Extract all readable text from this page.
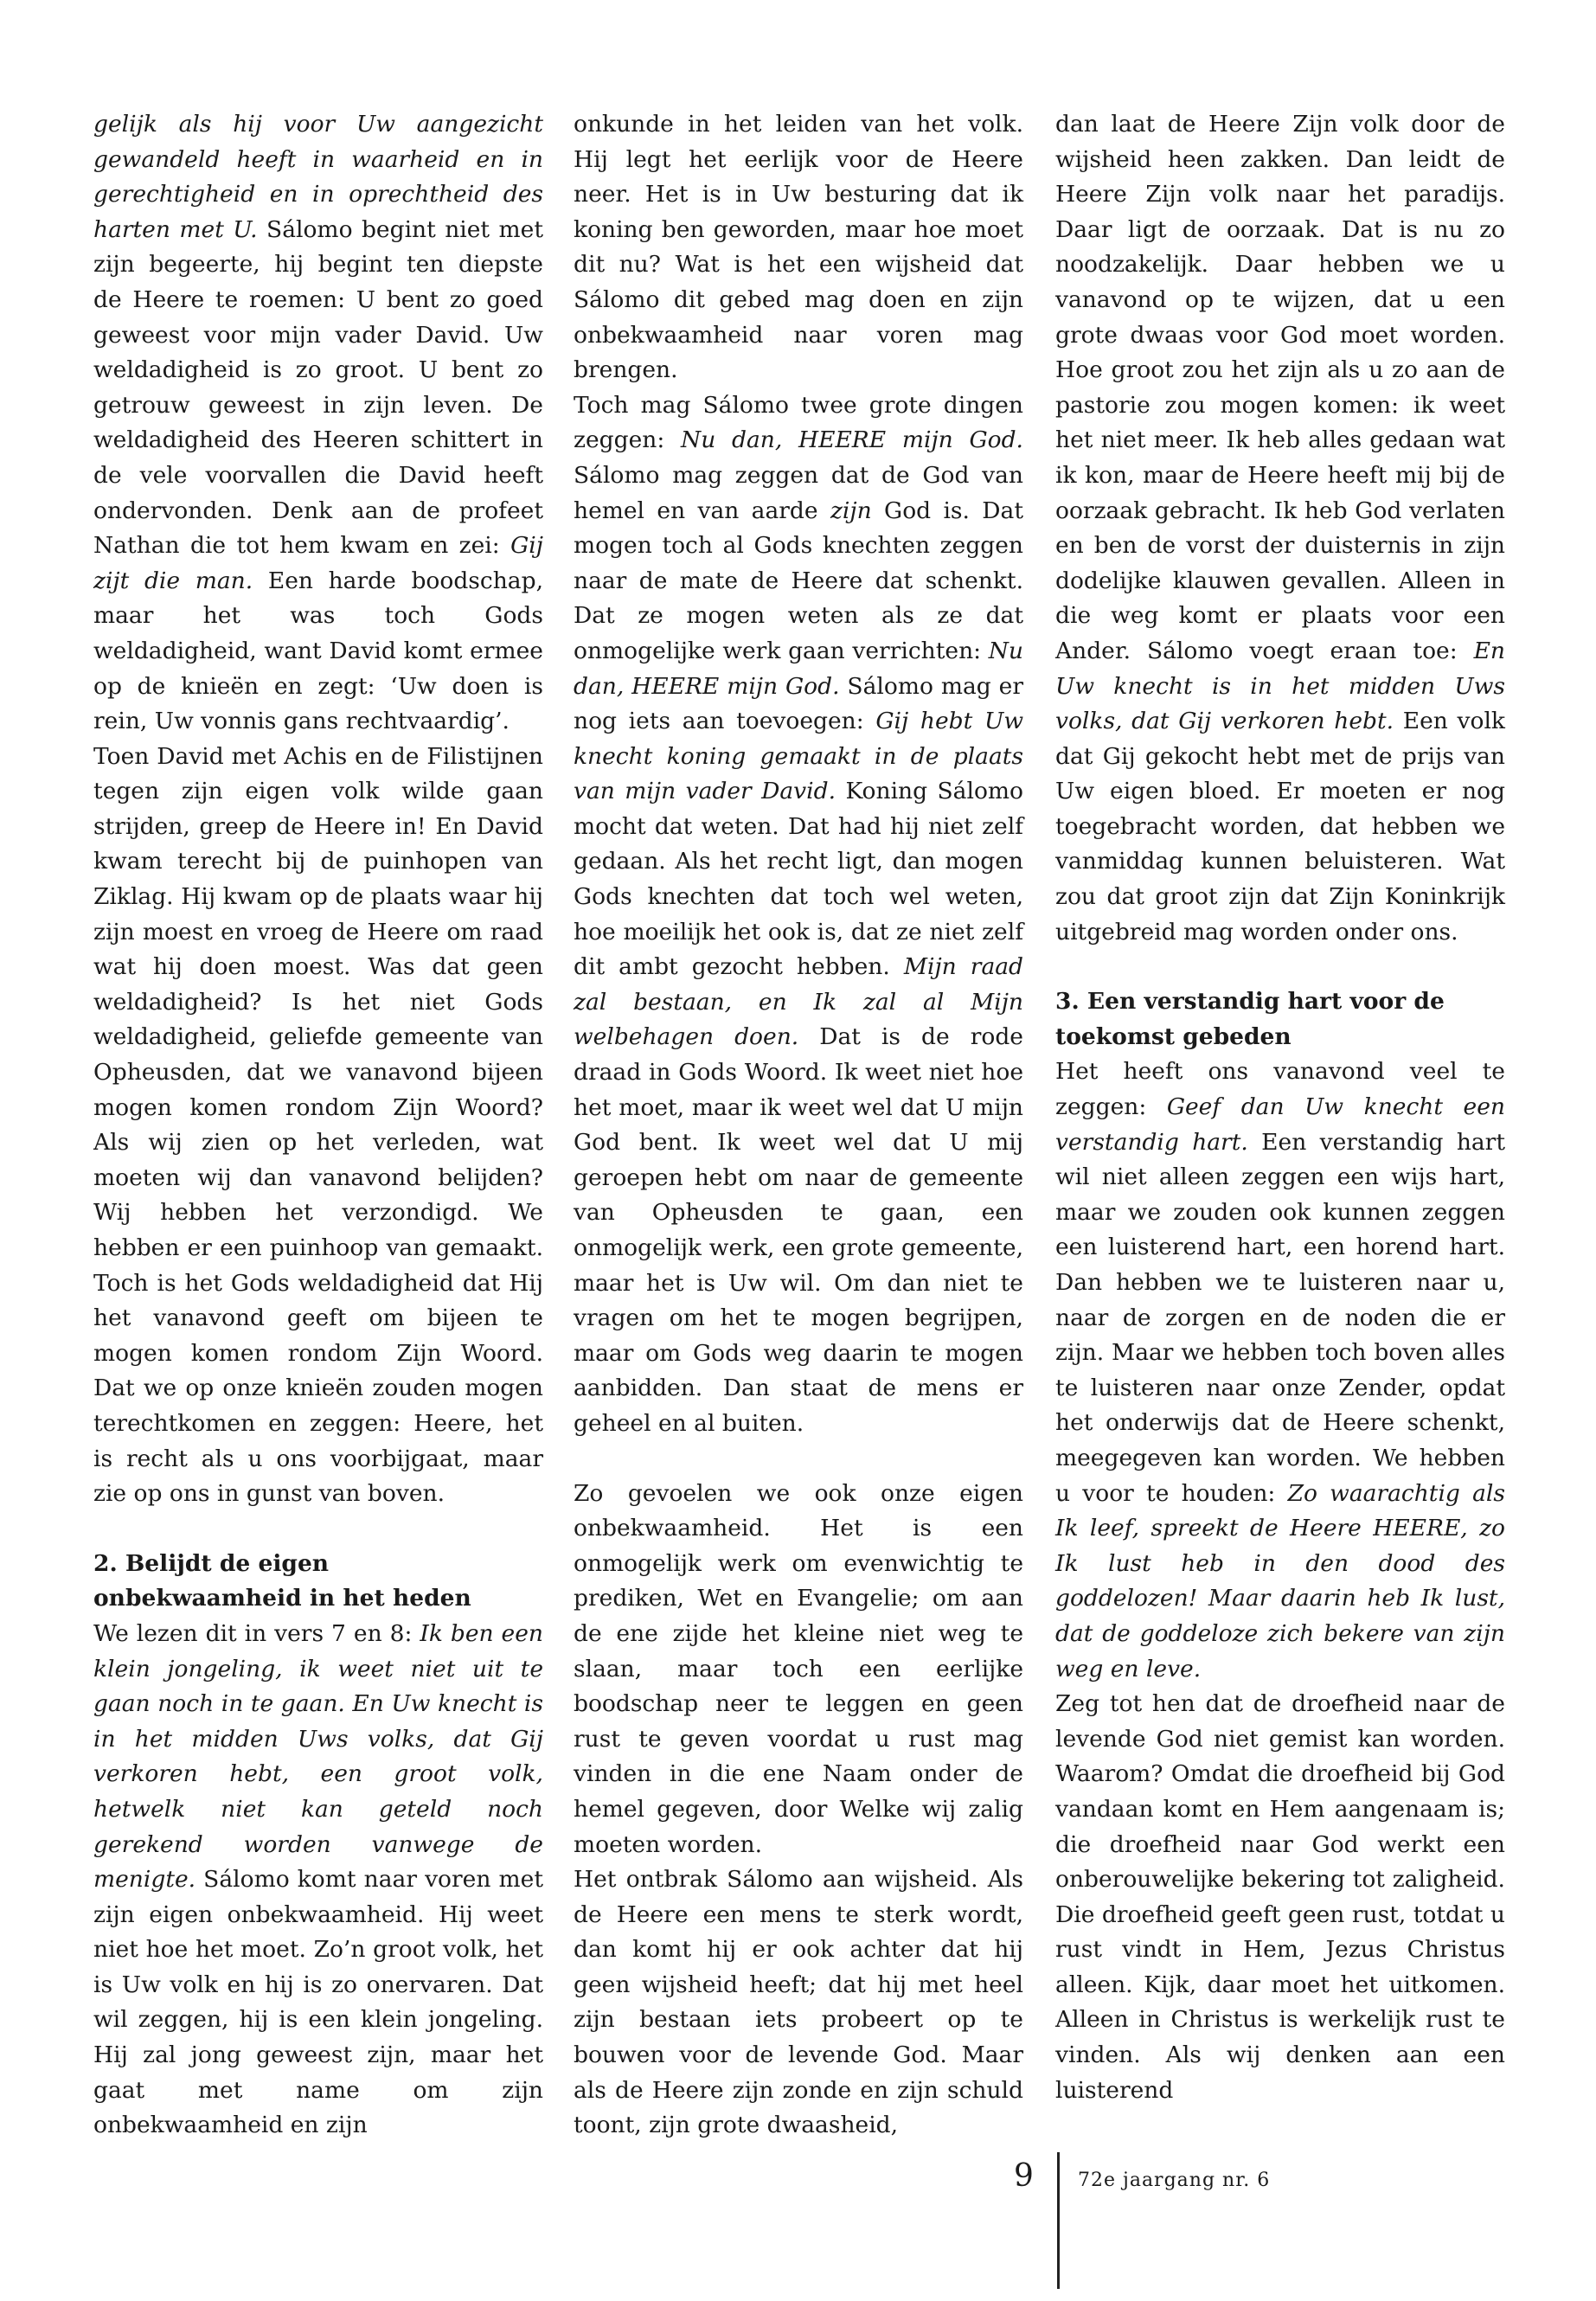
gelijk als hij voor Uw aangezicht gewandeld heeft in waarheid en in gerechtigheid en in oprechtheid des harten met U. Sálomo begint niet met zijn begeerte, hij begint ten diepste de Heere te roemen: U bent zo goed geweest voor mijn vader David. Uw weldadigheid is zo groot. U bent zo getrouw geweest in zijn leven. De weldadigheid des Heeren schittert in de vele voorvallen die David heeft ondervonden. Denk aan de profeet Nathan die tot hem kwam en zei: Gij zijt die man. Een harde boodschap, maar het was toch Gods weldadigheid, want David komt ermee op de knieën en zegt: ‘Uw doen is rein, Uw vonnis gans rechtvaardig’.

Toen David met Achis en de Filistijnen tegen zijn eigen volk wilde gaan strijden, greep de Heere in! En David kwam terecht bij de puinhopen van Ziklag. Hij kwam op de plaats waar hij zijn moest en vroeg de Heere om raad wat hij doen moest. Was dat geen weldadigheid? Is het niet Gods weldadigheid, geliefde gemeente van Opheusden, dat we vanavond bijeen mogen komen rondom Zijn Woord? Als wij zien op het verleden, wat moeten wij dan vanavond belijden? Wij hebben het verzondigd. We hebben er een puinhoop van gemaakt. Toch is het Gods weldadigheid dat Hij het vanavond geeft om bijeen te mogen komen rondom Zijn Woord. Dat we op onze knieën zouden mogen terechtkomen en zeggen: Heere, het is recht als u ons voorbijgaat, maar zie op ons in gunst van boven.

2. Belijdt de eigen onbekwaamheid in het heden

We lezen dit in vers 7 en 8: Ik ben een klein jongeling, ik weet niet uit te gaan noch in te gaan. En Uw knecht is in het midden Uws volks, dat Gij verkoren hebt, een groot volk, hetwelk niet kan geteld noch gerekend worden vanwege de menigte. Sálomo komt naar voren met zijn eigen onbekwaamheid. Hij weet niet hoe het moet. Zo’n groot volk, het is Uw volk en hij is zo onervaren. Dat wil zeggen, hij is een klein jongeling. Hij zal jong geweest zijn, maar het gaat met name om zijn onbekwaamheid en zijn

onkunde in het leiden van het volk. Hij legt het eerlijk voor de Heere neer. Het is in Uw besturing dat ik koning ben geworden, maar hoe moet dit nu? Wat is het een wijsheid dat Sálomo dit gebed mag doen en zijn onbekwaamheid naar voren mag brengen.

Toch mag Sálomo twee grote dingen zeggen: Nu dan, HEERE mijn God. Sálomo mag zeggen dat de God van hemel en van aarde zijn God is. Dat mogen toch al Gods knechten zeggen naar de mate de Heere dat schenkt. Dat ze mogen weten als ze dat onmogelijke werk gaan verrichten: Nu dan, HEERE mijn God. Sálomo mag er nog iets aan toevoegen: Gij hebt Uw knecht koning gemaakt in de plaats van mijn vader David. Koning Sálomo mocht dat weten. Dat had hij niet zelf gedaan. Als het recht ligt, dan mogen Gods knechten dat toch wel weten, hoe moeilijk het ook is, dat ze niet zelf dit ambt gezocht hebben. Mijn raad zal bestaan, en Ik zal al Mijn welbehagen doen. Dat is de rode draad in Gods Woord. Ik weet niet hoe het moet, maar ik weet wel dat U mijn God bent. Ik weet wel dat U mij geroepen hebt om naar de gemeente van Opheusden te gaan, een onmogelijk werk, een grote gemeente, maar het is Uw wil. Om dan niet te vragen om het te mogen begrijpen, maar om Gods weg daarin te mogen aanbidden. Dan staat de mens er geheel en al buiten.

Zo gevoelen we ook onze eigen onbekwaamheid. Het is een onmogelijk werk om evenwichtig te prediken, Wet en Evangelie; om aan de ene zijde het kleine niet weg te slaan, maar toch een eerlijke boodschap neer te leggen en geen rust te geven voordat u rust mag vinden in die ene Naam onder de hemel gegeven, door Welke wij zalig moeten worden.

Het ontbrak Sálomo aan wijsheid. Als de Heere een mens te sterk wordt, dan komt hij er ook achter dat hij geen wijsheid heeft; dat hij met heel zijn bestaan iets probeert op te bouwen voor de levende God. Maar als de Heere zijn zonde en zijn schuld toont, zijn grote dwaasheid,

dan laat de Heere Zijn volk door de wijsheid heen zakken. Dan leidt de Heere Zijn volk naar het paradijs. Daar ligt de oorzaak. Dat is nu zo noodzakelijk. Daar hebben we u vanavond op te wijzen, dat u een grote dwaas voor God moet worden. Hoe groot zou het zijn als u zo aan de pastorie zou mogen komen: ik weet het niet meer. Ik heb alles gedaan wat ik kon, maar de Heere heeft mij bij de oorzaak gebracht. Ik heb God verlaten en ben de vorst der duisternis in zijn dodelijke klauwen gevallen. Alleen in die weg komt er plaats voor een Ander. Sálomo voegt eraan toe: En Uw knecht is in het midden Uws volks, dat Gij verkoren hebt. Een volk dat Gij gekocht hebt met de prijs van Uw eigen bloed. Er moeten er nog toegebracht worden, dat hebben we vanmiddag kunnen beluisteren. Wat zou dat groot zijn dat Zijn Koninkrijk uitgebreid mag worden onder ons.

3. Een verstandig hart voor de toekomst gebeden

Het heeft ons vanavond veel te zeggen: Geef dan Uw knecht een verstandig hart. Een verstandig hart wil niet alleen zeggen een wijs hart, maar we zouden ook kunnen zeggen een luisterend hart, een horend hart. Dan hebben we te luisteren naar u, naar de zorgen en de noden die er zijn. Maar we hebben toch boven alles te luisteren naar onze Zender, opdat het onderwijs dat de Heere schenkt, meegegeven kan worden. We hebben u voor te houden: Zo waarachtig als Ik leef, spreekt de Heere HEERE, zo Ik lust heb in den dood des goddelozen! Maar daarin heb Ik lust, dat de goddeloze zich bekere van zijn weg en leve.

Zeg tot hen dat de droefheid naar de levende God niet gemist kan worden. Waarom? Omdat die droefheid bij God vandaan komt en Hem aangenaam is; die droefheid naar God werkt een onberouwelijke bekering tot zaligheid. Die droefheid geeft geen rust, totdat u rust vindt in Hem, Jezus Christus alleen. Kijk, daar moet het uitkomen. Alleen in Christus is werkelijk rust te vinden. Als wij denken aan een luisterend

9 72e jaargang nr. 6
